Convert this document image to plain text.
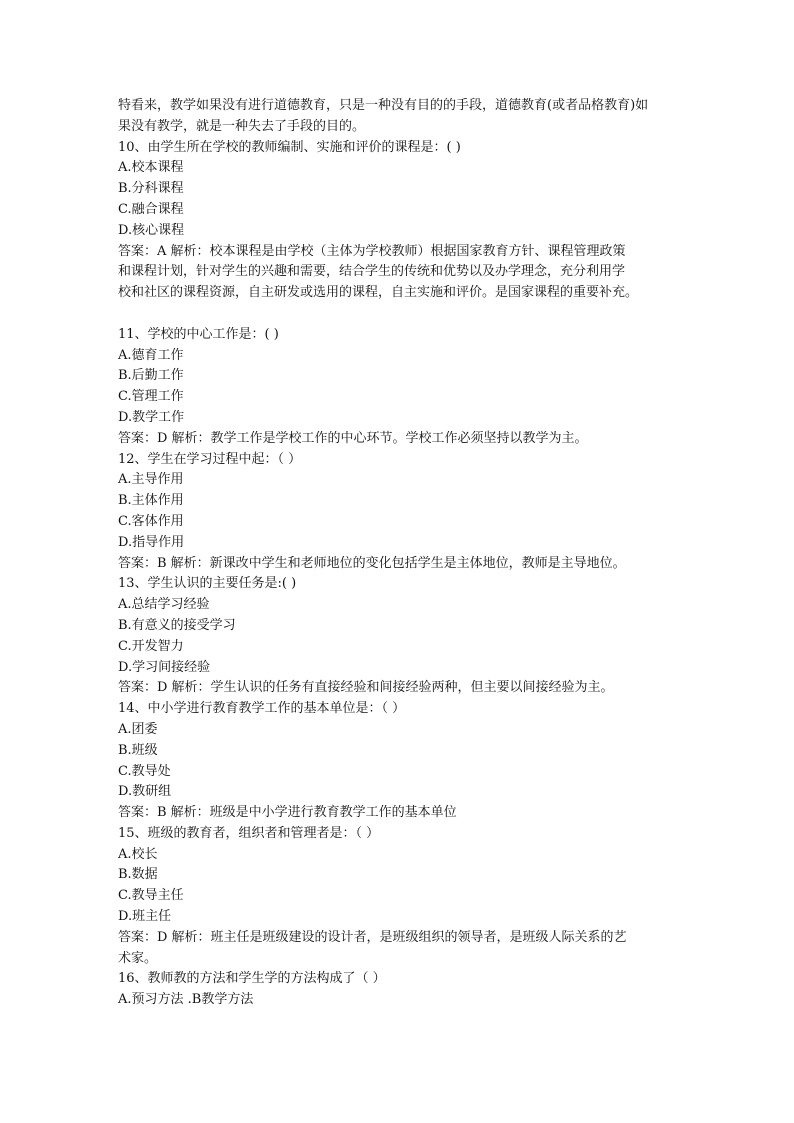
特看来，教学如果没有进行道德教育，只是一种没有目的的手段，道德教育(或者品格教育)如
果没有教学，就是一种失去了手段的目的。
10、由学生所在学校的教师编制、实施和评价的课程是：( )
A.校本课程
B.分科课程
C.融合课程
D.核心课程
答案：A 解析：校本课程是由学校（主体为学校教师）根据国家教育方针、课程管理政策
和课程计划，针对学生的兴趣和需要，结合学生的传统和优势以及办学理念，充分利用学
校和社区的课程资源，自主研发或选用的课程，自主实施和评价。是国家课程的重要补充。
11、学校的中心工作是：( )
A.德育工作
B.后勤工作
C.管理工作
D.教学工作
答案：D 解析：教学工作是学校工作的中心环节。学校工作必须坚持以教学为主。
12、学生在学习过程中起：（ ）
A.主导作用
B.主体作用
C.客体作用
D.指导作用
答案：B 解析：新课改中学生和老师地位的变化包括学生是主体地位，教师是主导地位。
13、学生认识的主要任务是:( )
A.总结学习经验
B.有意义的接受学习
C.开发智力
D.学习间接经验
答案：D 解析：学生认识的任务有直接经验和间接经验两种，但主要以间接经验为主。
14、中小学进行教育教学工作的基本单位是：（ ）
A.团委
B.班级
C.教导处
D.教研组
答案：B 解析：班级是中小学进行教育教学工作的基本单位
15、班级的教育者，组织者和管理者是：（ ）
A.校长
B.数据
C.教导主任
D.班主任
答案：D 解析：班主任是班级建设的设计者，是班级组织的领导者，是班级人际关系的艺
术家。
16、教师教的方法和学生学的方法构成了（ ）
A.预习方法 .B教学方法
